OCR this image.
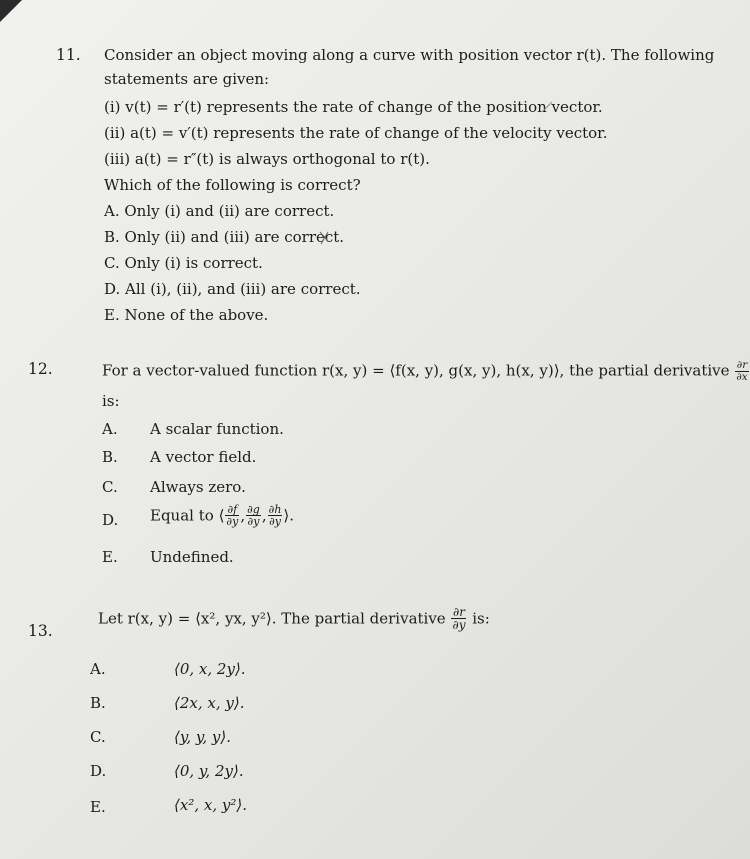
11. Consider an object moving along a curve with position vector r(t). The following
statements are given:
(i) v(t) = r′(t) represents the rate of change of the position vector.
(ii) a(t) = v′(t) represents the rate of change of the velocity vector.
(iii) a(t) = r″(t) is always orthogonal to r(t).
Which of the following is correct?
A. Only (i) and (ii) are correct.
B. Only (ii) and (iii) are correct.
C. Only (i) is correct.
D. All (i), (ii), and (iii) are correct.
E. None of the above.
12.	For a vector-valued function r(x, y) = ⟨f(x, y), g(x, y), h(x, y)⟩, the partial derivative $\frac{\partial r}{\partial x}$
is:
A. A scalar function.
B. A vector field.
C. Always zero.
D. Equal to ⟨ $\frac{\partial f}{\partial y}$ , $\frac{\partial g}{\partial y}$ , $\frac{\partial h}{\partial y}$ ⟩.
E. Undefined.
13.
Let r(x, y) = ⟨x², yx, y²⟩. The partial derivative $\frac{\partial r}{\partial y}$ is:
A.	⟨0, x, 2y⟩.
B.	⟨2x, x, y⟩.
C.	⟨y, y, y⟩.
D.	⟨0, y, 2y⟩.
E.	⟨x², x, y²⟩.
